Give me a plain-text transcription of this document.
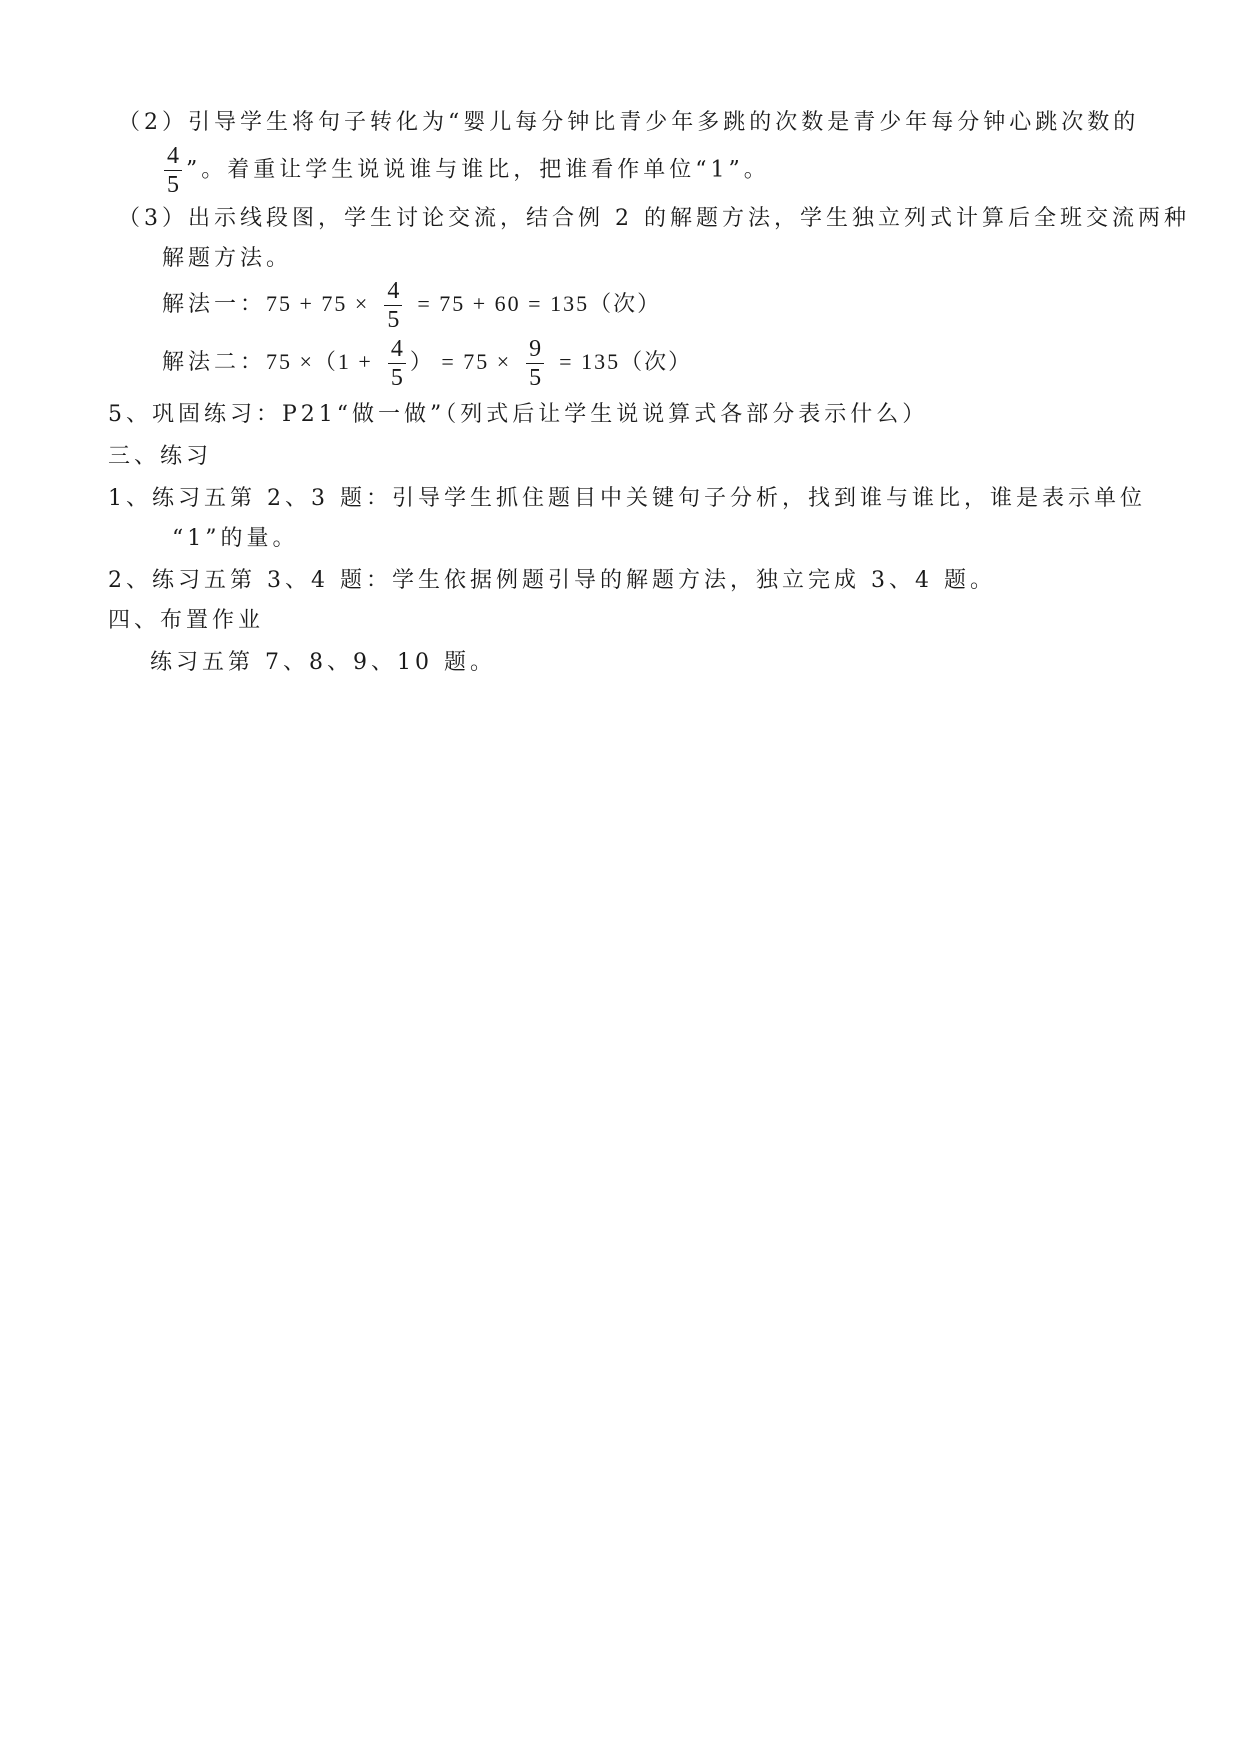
（2）引导学生将句子转化为“婴儿每分钟比青少年多跳的次数是青少年每分钟心跳次数的
$\frac{4}{5}$ ”。着重让学生说说谁与谁比，把谁看作单位“1”。
（3）出示线段图，学生讨论交流，结合例 2 的解题方法，学生独立列式计算后全班交流两种
解题方法。
解法一：$75 + 75 \times \frac{4}{5} = 75 + 60 = 135$（次）
解法二：$75 \times(1 + \frac{4}{5}$ ） = $75 \times \frac{9}{5} = 135$（次）
5、巩固练习：P21“做一做”（列式后让学生说说算式各部分表示什么）
三、练习
1、练习五第 2、3 题：引导学生抓住题目中关键句子分析，找到谁与谁比，谁是表示单位
“1”的量。
2、练习五第 3、4 题：学生依据例题引导的解题方法，独立完成 3、4 题。
四、布置作业
练习五第 7、8、9、10 题。
